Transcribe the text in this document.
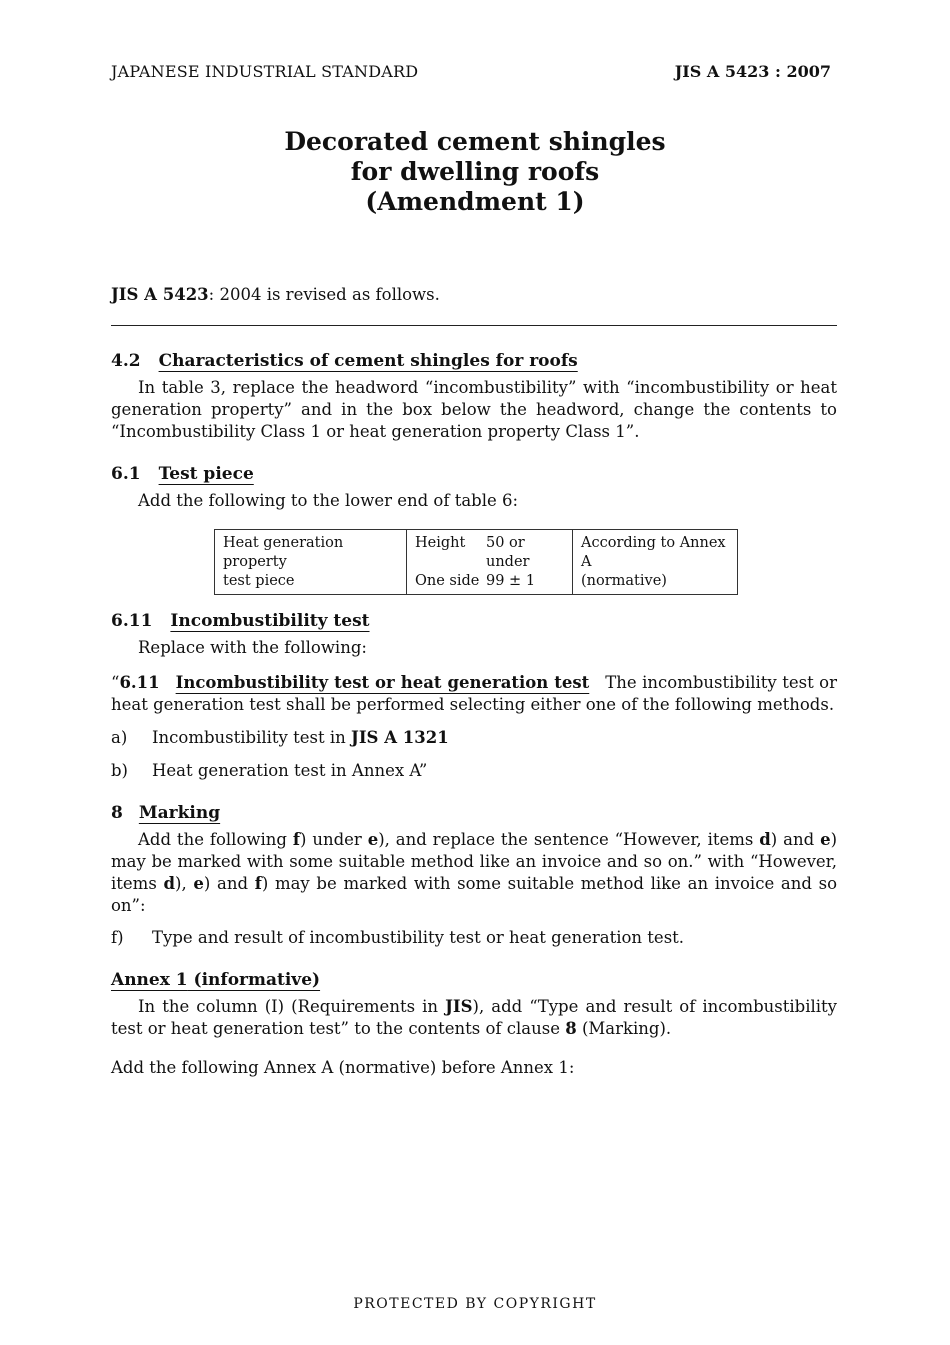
JAPANESE INDUSTRIAL STANDARD	JIS A 5423 : 2007
Decorated cement shingles
for dwelling roofs
(Amendment 1)
JIS A 5423: 2004 is revised as follows.
4.2 Characteristics of cement shingles for roofs
In table 3, replace the headword “incombustibility” with “incombustibility or heat generation property” and in the box below the headword, change the contents to “Incombustibility Class 1 or heat generation property Class 1”.
6.1 Test piece
Add the following to the lower end of table 6:
Heat generation property
test piece

Height 50 or under
One side 99 ± 1

According to Annex A
(normative)
6.11 Incombustibility test
Replace with the following:
“6.11 Incombustibility test or heat generation test The incombustibility test or heat generation test shall be performed selecting either one of the following methods.
a) Incombustibility test in JIS A 1321
b) Heat generation test in Annex A”
8 Marking
Add the following f) under e), and replace the sentence “However, items d) and e) may be marked with some suitable method like an invoice and so on.” with “However, items d), e) and f) may be marked with some suitable method like an invoice and so on”:
f) Type and result of incombustibility test or heat generation test.
Annex 1 (informative)
In the column (I) (Requirements in JIS), add “Type and result of incombustibility test or heat generation test” to the contents of clause 8 (Marking).
Add the following Annex A (normative) before Annex 1:
PROTECTED BY COPYRIGHT
